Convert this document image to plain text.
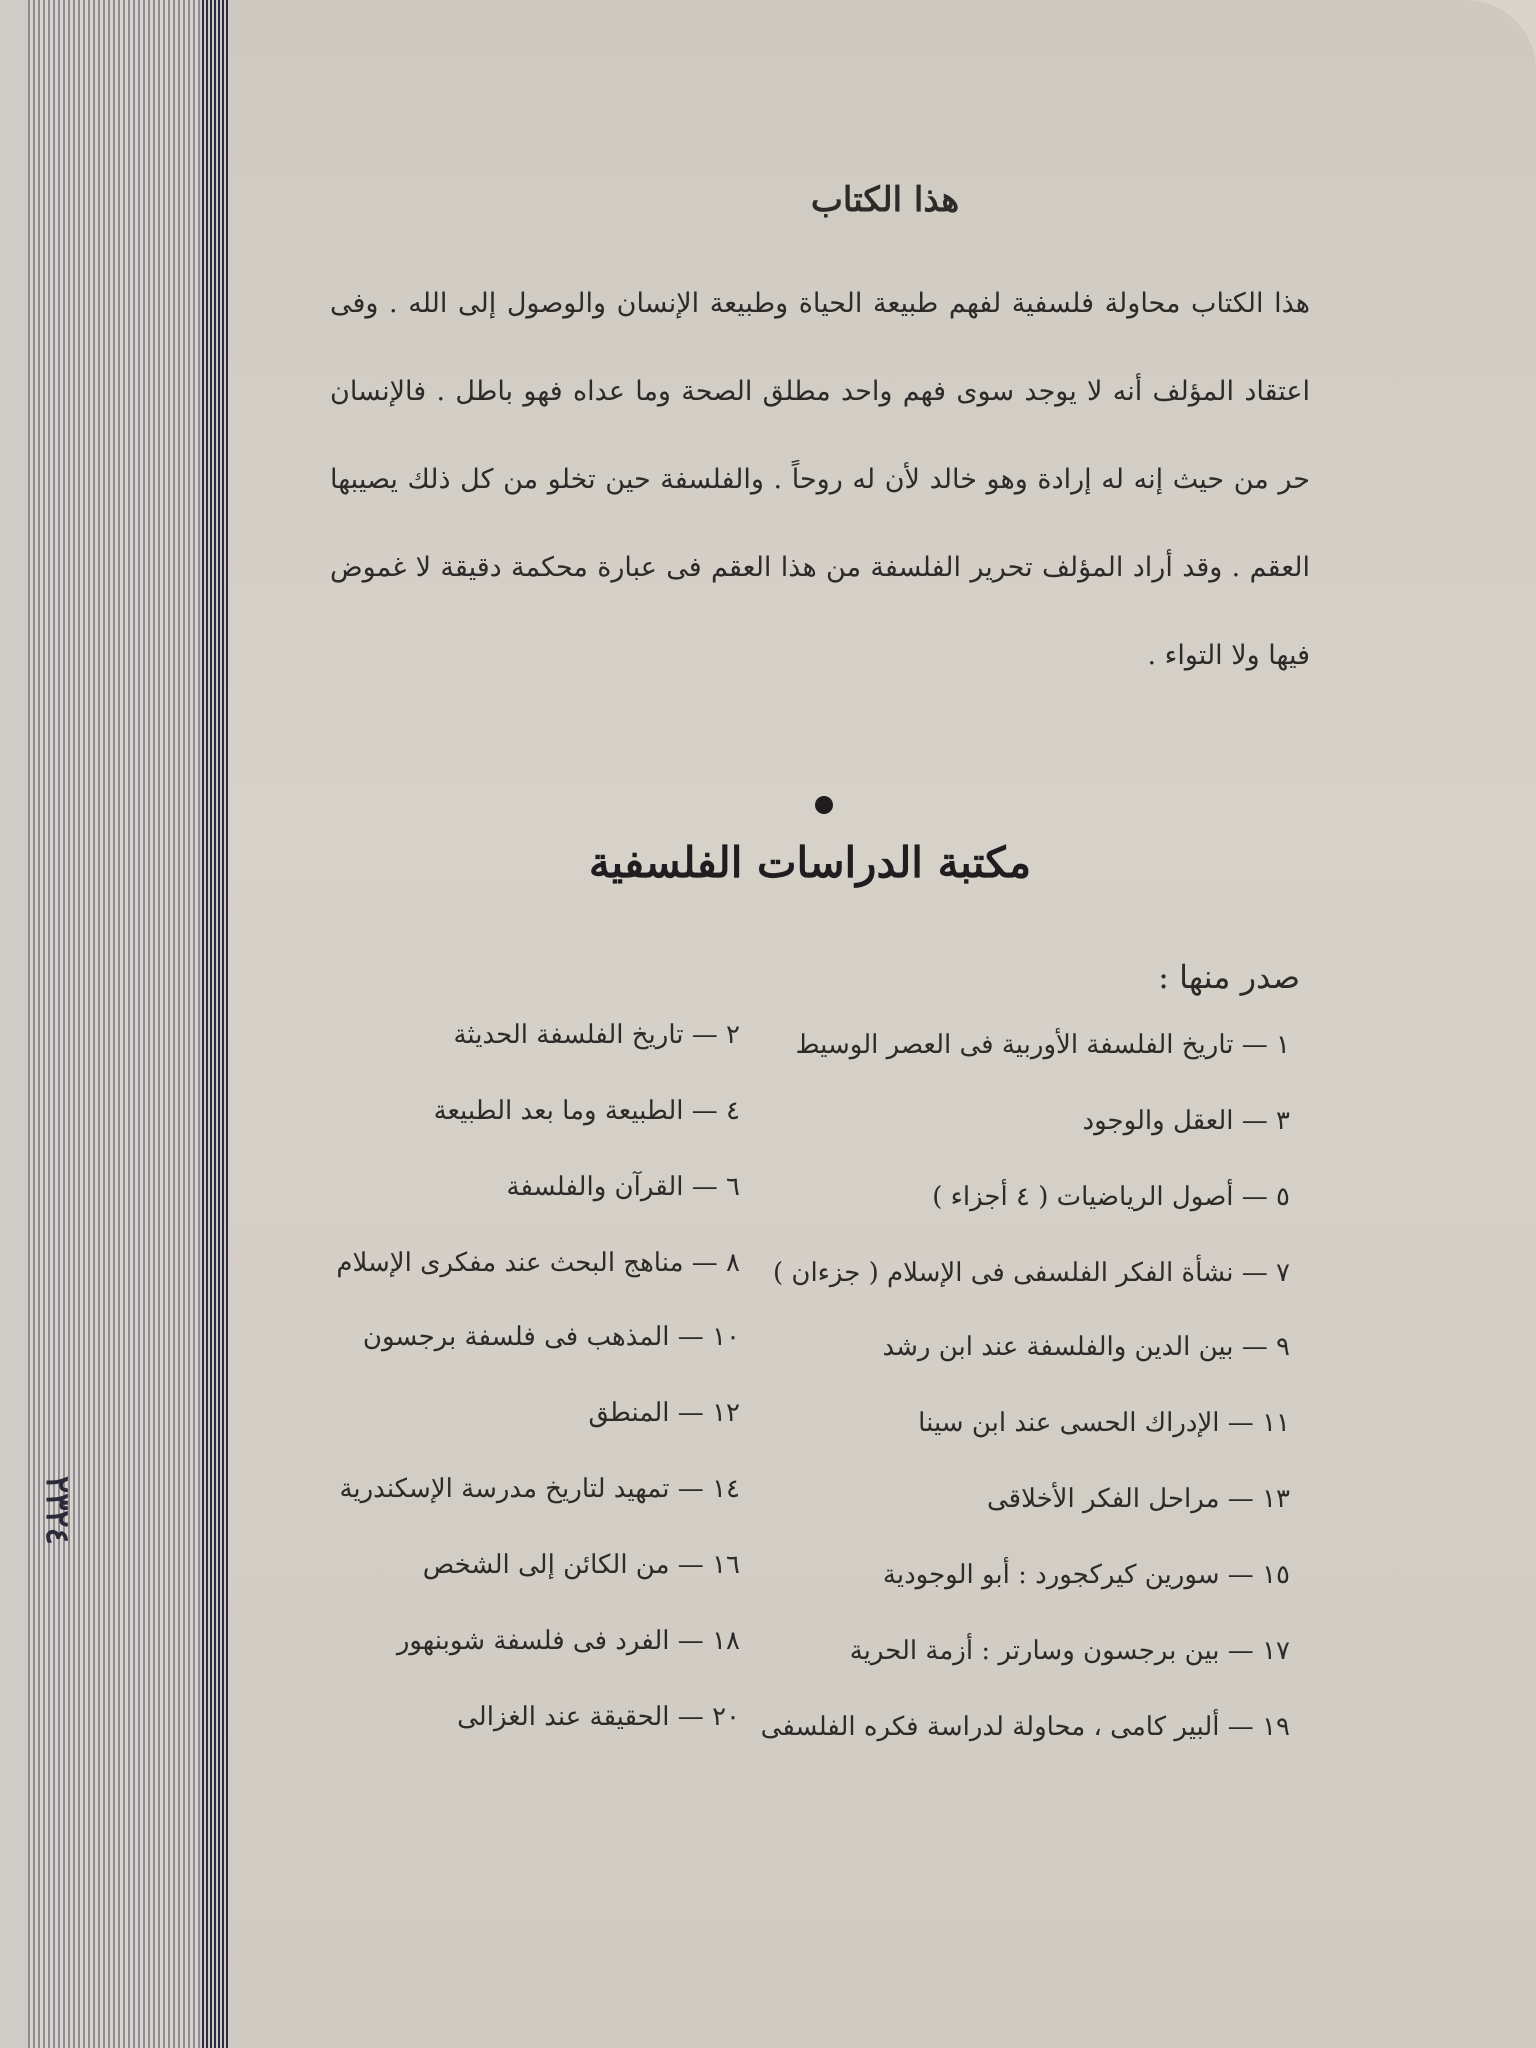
٢٣٢٤
هذا الكتاب

هذا الكتاب محاولة فلسفية لفهم طبيعة الحياة وطبيعة الإنسان والوصول إلى الله . وفى اعتقاد المؤلف أنه لا يوجد سوى فهم واحد مطلق الصحة وما عداه فهو باطل . فالإنسان حر من حيث إنه له إرادة وهو خالد لأن له روحاً . والفلسفة حين تخلو من كل ذلك يصيبها العقم . وقد أراد المؤلف تحرير الفلسفة من هذا العقم فى عبارة محكمة دقيقة لا غموض فيها ولا التواء .

مكتبة الدراسات الفلسفية
صدر منها :
١ — تاريخ الفلسفة الأوربية فى العصر الوسيط
٢ — تاريخ الفلسفة الحديثة
٣ — العقل والوجود
٤ — الطبيعة وما بعد الطبيعة
٥ — أصول الرياضيات ( ٤ أجزاء )
٦ — القرآن والفلسفة
٧ — نشأة الفكر الفلسفى فى الإسلام ( جزءان )
٨ — مناهج البحث عند مفكرى الإسلام
٩ — بين الدين والفلسفة عند ابن رشد
١٠ — المذهب فى فلسفة برجسون
١١ — الإدراك الحسى عند ابن سينا
١٢ — المنطق
١٣ — مراحل الفكر الأخلاقى
١٤ — تمهيد لتاريخ مدرسة الإسكندرية
١٥ — سورين كيركجورد : أبو الوجودية
١٦ — من الكائن إلى الشخص
١٧ — بين برجسون وسارتر : أزمة الحرية
١٨ — الفرد فى فلسفة شوبنهور
١٩ — ألبير كامى ، محاولة لدراسة فكره الفلسفى
٢٠ — الحقيقة عند الغزالى
